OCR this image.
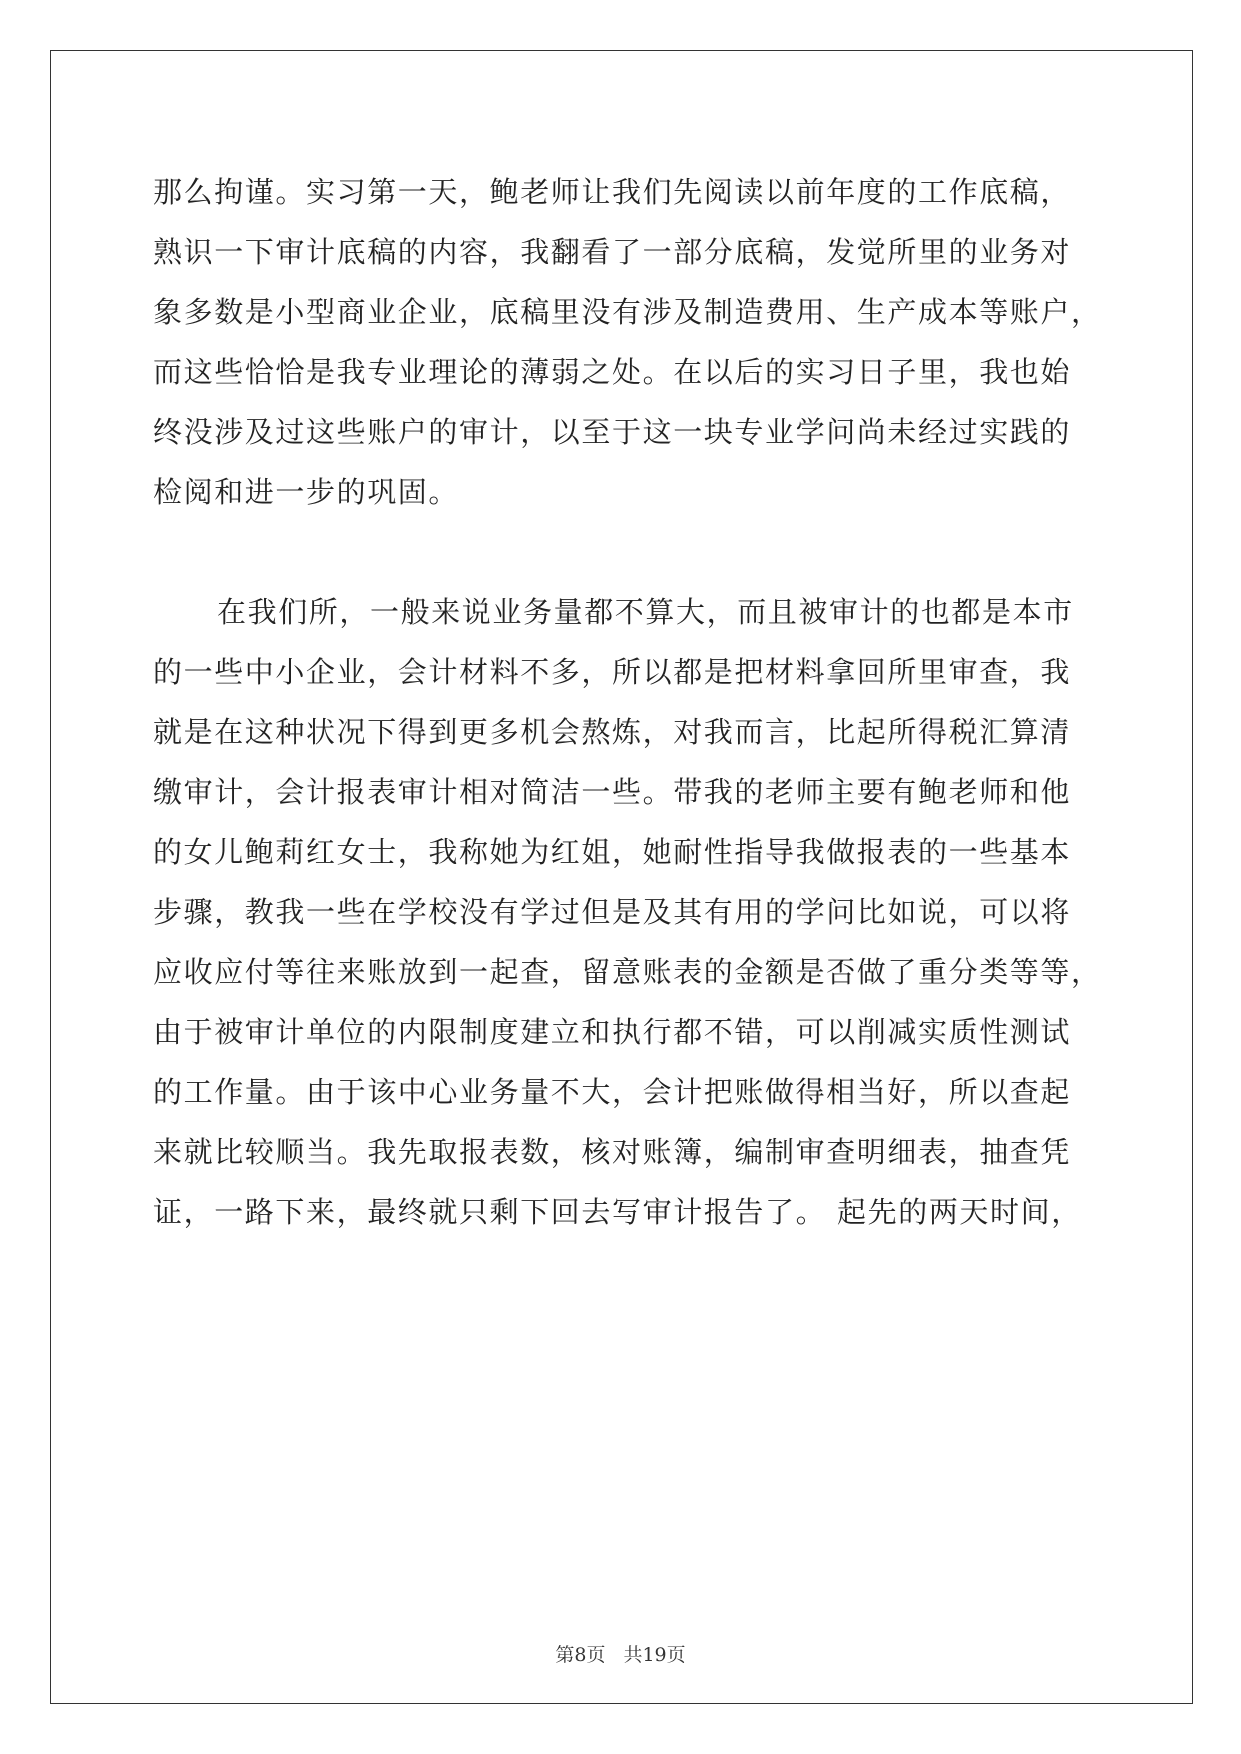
那么拘谨。实习第一天，鲍老师让我们先阅读以前年度的工作底稿，
熟识一下审计底稿的内容，我翻看了一部分底稿，发觉所里的业务对
象多数是小型商业企业，底稿里没有涉及制造费用、生产成本等账户，
而这些恰恰是我专业理论的薄弱之处。在以后的实习日子里，我也始
终没涉及过这些账户的审计，以至于这一块专业学问尚未经过实践的
检阅和进一步的巩固。
在我们所，一般来说业务量都不算大，而且被审计的也都是本市
的一些中小企业，会计材料不多，所以都是把材料拿回所里审查，我
就是在这种状况下得到更多机会熬炼，对我而言，比起所得税汇算清
缴审计，会计报表审计相对简洁一些。带我的老师主要有鲍老师和他
的女儿鲍莉红女士，我称她为红姐，她耐性指导我做报表的一些基本
步骤，教我一些在学校没有学过但是及其有用的学问比如说，可以将
应收应付等往来账放到一起查，留意账表的金额是否做了重分类等等，
由于被审计单位的内限制度建立和执行都不错，可以削减实质性测试
的工作量。由于该中心业务量不大，会计把账做得相当好，所以查起
来就比较顺当。我先取报表数，核对账簿，编制审查明细表，抽查凭
证，一路下来，最终就只剩下回去写审计报告了。 起先的两天时间，
第8页 共19页
